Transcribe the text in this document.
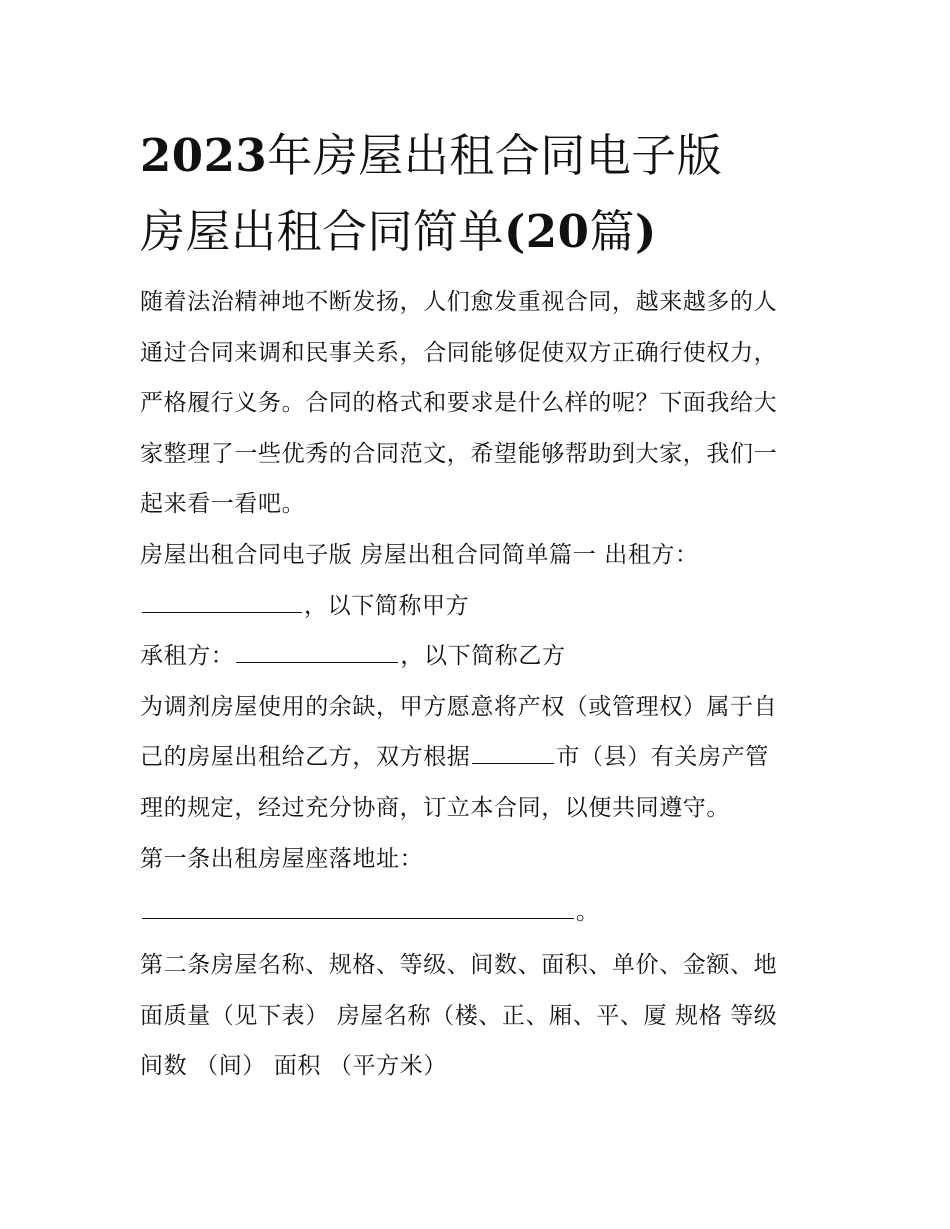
2023年房屋出租合同电子版
房屋出租合同简单(20篇)

随着法治精神地不断发扬，人们愈发重视合同，越来越多的人
通过合同来调和民事关系，合同能够促使双方正确行使权力，
严格履行义务。合同的格式和要求是什么样的呢？下面我给大
家整理了一些优秀的合同范文，希望能够帮助到大家，我们一
起来看一看吧。

房屋出租合同电子版 房屋出租合同简单篇一 出租方：
，以下简称甲方

承租方：	，以下简称乙方

为调剂房屋使用的余缺，甲方愿意将产权（或管理权）属于自
己的房屋出租给乙方，双方根据	市（县）有关房产管
理的规定，经过充分协商，订立本合同，以便共同遵守。

第一条出租房屋座落地址：
。

第二条房屋名称、规格、等级、间数、面积、单价、金额、地
面质量（见下表） 房屋名称（楼、正、厢、平、厦 规格 等级
间数 （间） 面积 （平方米）
